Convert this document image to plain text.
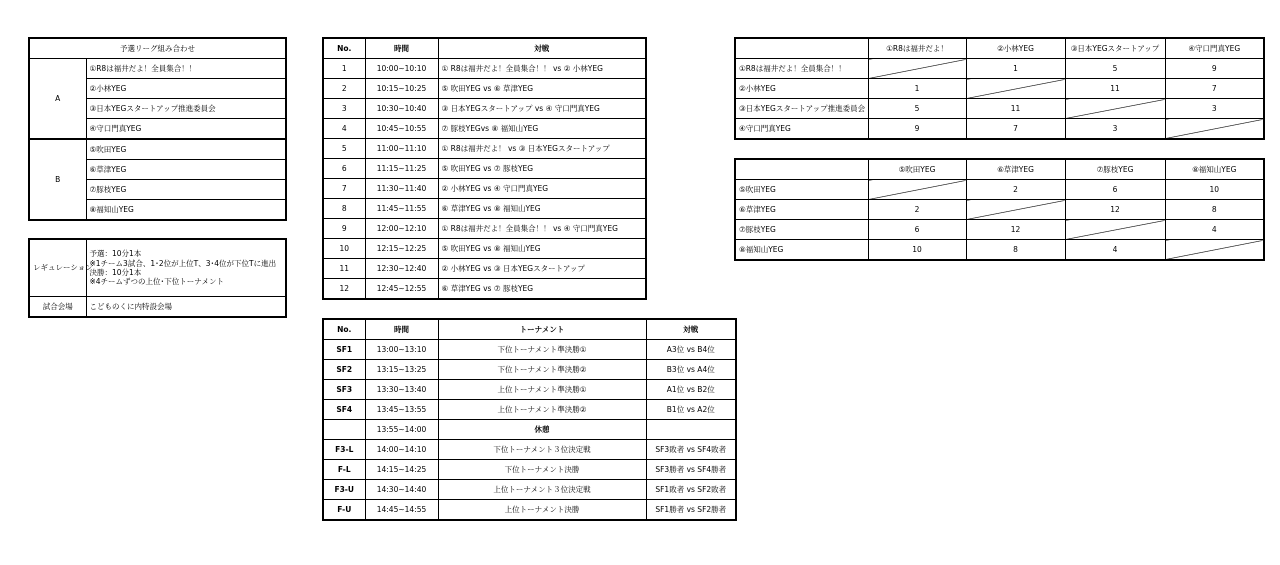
予選リーグ組み合わせ	
A	①R8は福井だよ！全員集合！！
	②小林YEG
	③日本YEGスタートアップ推進委員会
	④守口門真YEG
B	⑤吹田YEG
	⑥草津YEG
	⑦豚枝YEG
	⑧福知山YEG
レギュレーション	予選：10分1本
※1チーム3試合、1･2位が上位T、3･4位が下位Tに進出
決勝：10分1本
※4チームずつの上位･下位トーナメント

試合会場	こどものくに内特設会場
No.	時間	対戦
1	10:00~10:10	① R8は福井だよ！全員集合！！ vs ② 小林YEG
2	10:15~10:25	⑤ 吹田YEG vs ⑥ 草津YEG
3	10:30~10:40	③ 日本YEGスタートアップ vs ④ 守口門真YEG
4	10:45~10:55	⑦ 豚枝YEGvs ⑧ 福知山YEG
5	11:00~11:10	① R8は福井だよ！ vs ③ 日本YEGスタートアップ
6	11:15~11:25	⑤ 吹田YEG vs ⑦ 豚枝YEG
7	11:30~11:40	② 小林YEG vs ④ 守口門真YEG
8	11:45~11:55	⑥ 草津YEG vs ⑧ 福知山YEG
9	12:00~12:10	① R8は福井だよ！全員集合！！ vs ④ 守口門真YEG
10	12:15~12:25	⑤ 吹田YEG vs ⑧ 福知山YEG
11	12:30~12:40	② 小林YEG vs ③ 日本YEGスタートアップ
12	12:45~12:55	⑥ 草津YEG vs ⑦ 豚枝YEG
No.	時間	トーナメント	対戦
SF1	13:00~13:10	下位トーナメント準決勝①	A3位 vs B4位
SF2	13:15~13:25	下位トーナメント準決勝②	B3位 vs A4位
SF3	13:30~13:40	上位トーナメント準決勝①	A1位 vs B2位
SF4	13:45~13:55	上位トーナメント準決勝②	B1位 vs A2位
	13:55~14:00	休憩	
F3-L	14:00~14:10	下位トーナメント３位決定戦	SF3敗者 vs SF4敗者
F-L	14:15~14:25	下位トーナメント決勝	SF3勝者 vs SF4勝者
F3-U	14:30~14:40	上位トーナメント３位決定戦	SF1敗者 vs SF2敗者
F-U	14:45~14:55	上位トーナメント決勝	SF1勝者 vs SF2勝者
	①R8は福井だよ！	②小林YEG	③日本YEGスタートアップ	④守口門真YEG
①R8は福井だよ！全員集合！！		1	5	9
②小林YEG	1		11	7
③日本YEGスタートアップ推進委員会	5	11		3
④守口門真YEG	9	7	3	
	⑤吹田YEG	⑥草津YEG	⑦豚枝YEG	⑧福知山YEG
⑤吹田YEG		2	6	10
⑥草津YEG	2		12	8
⑦豚枝YEG	6	12		4
⑧福知山YEG	10	8	4	
